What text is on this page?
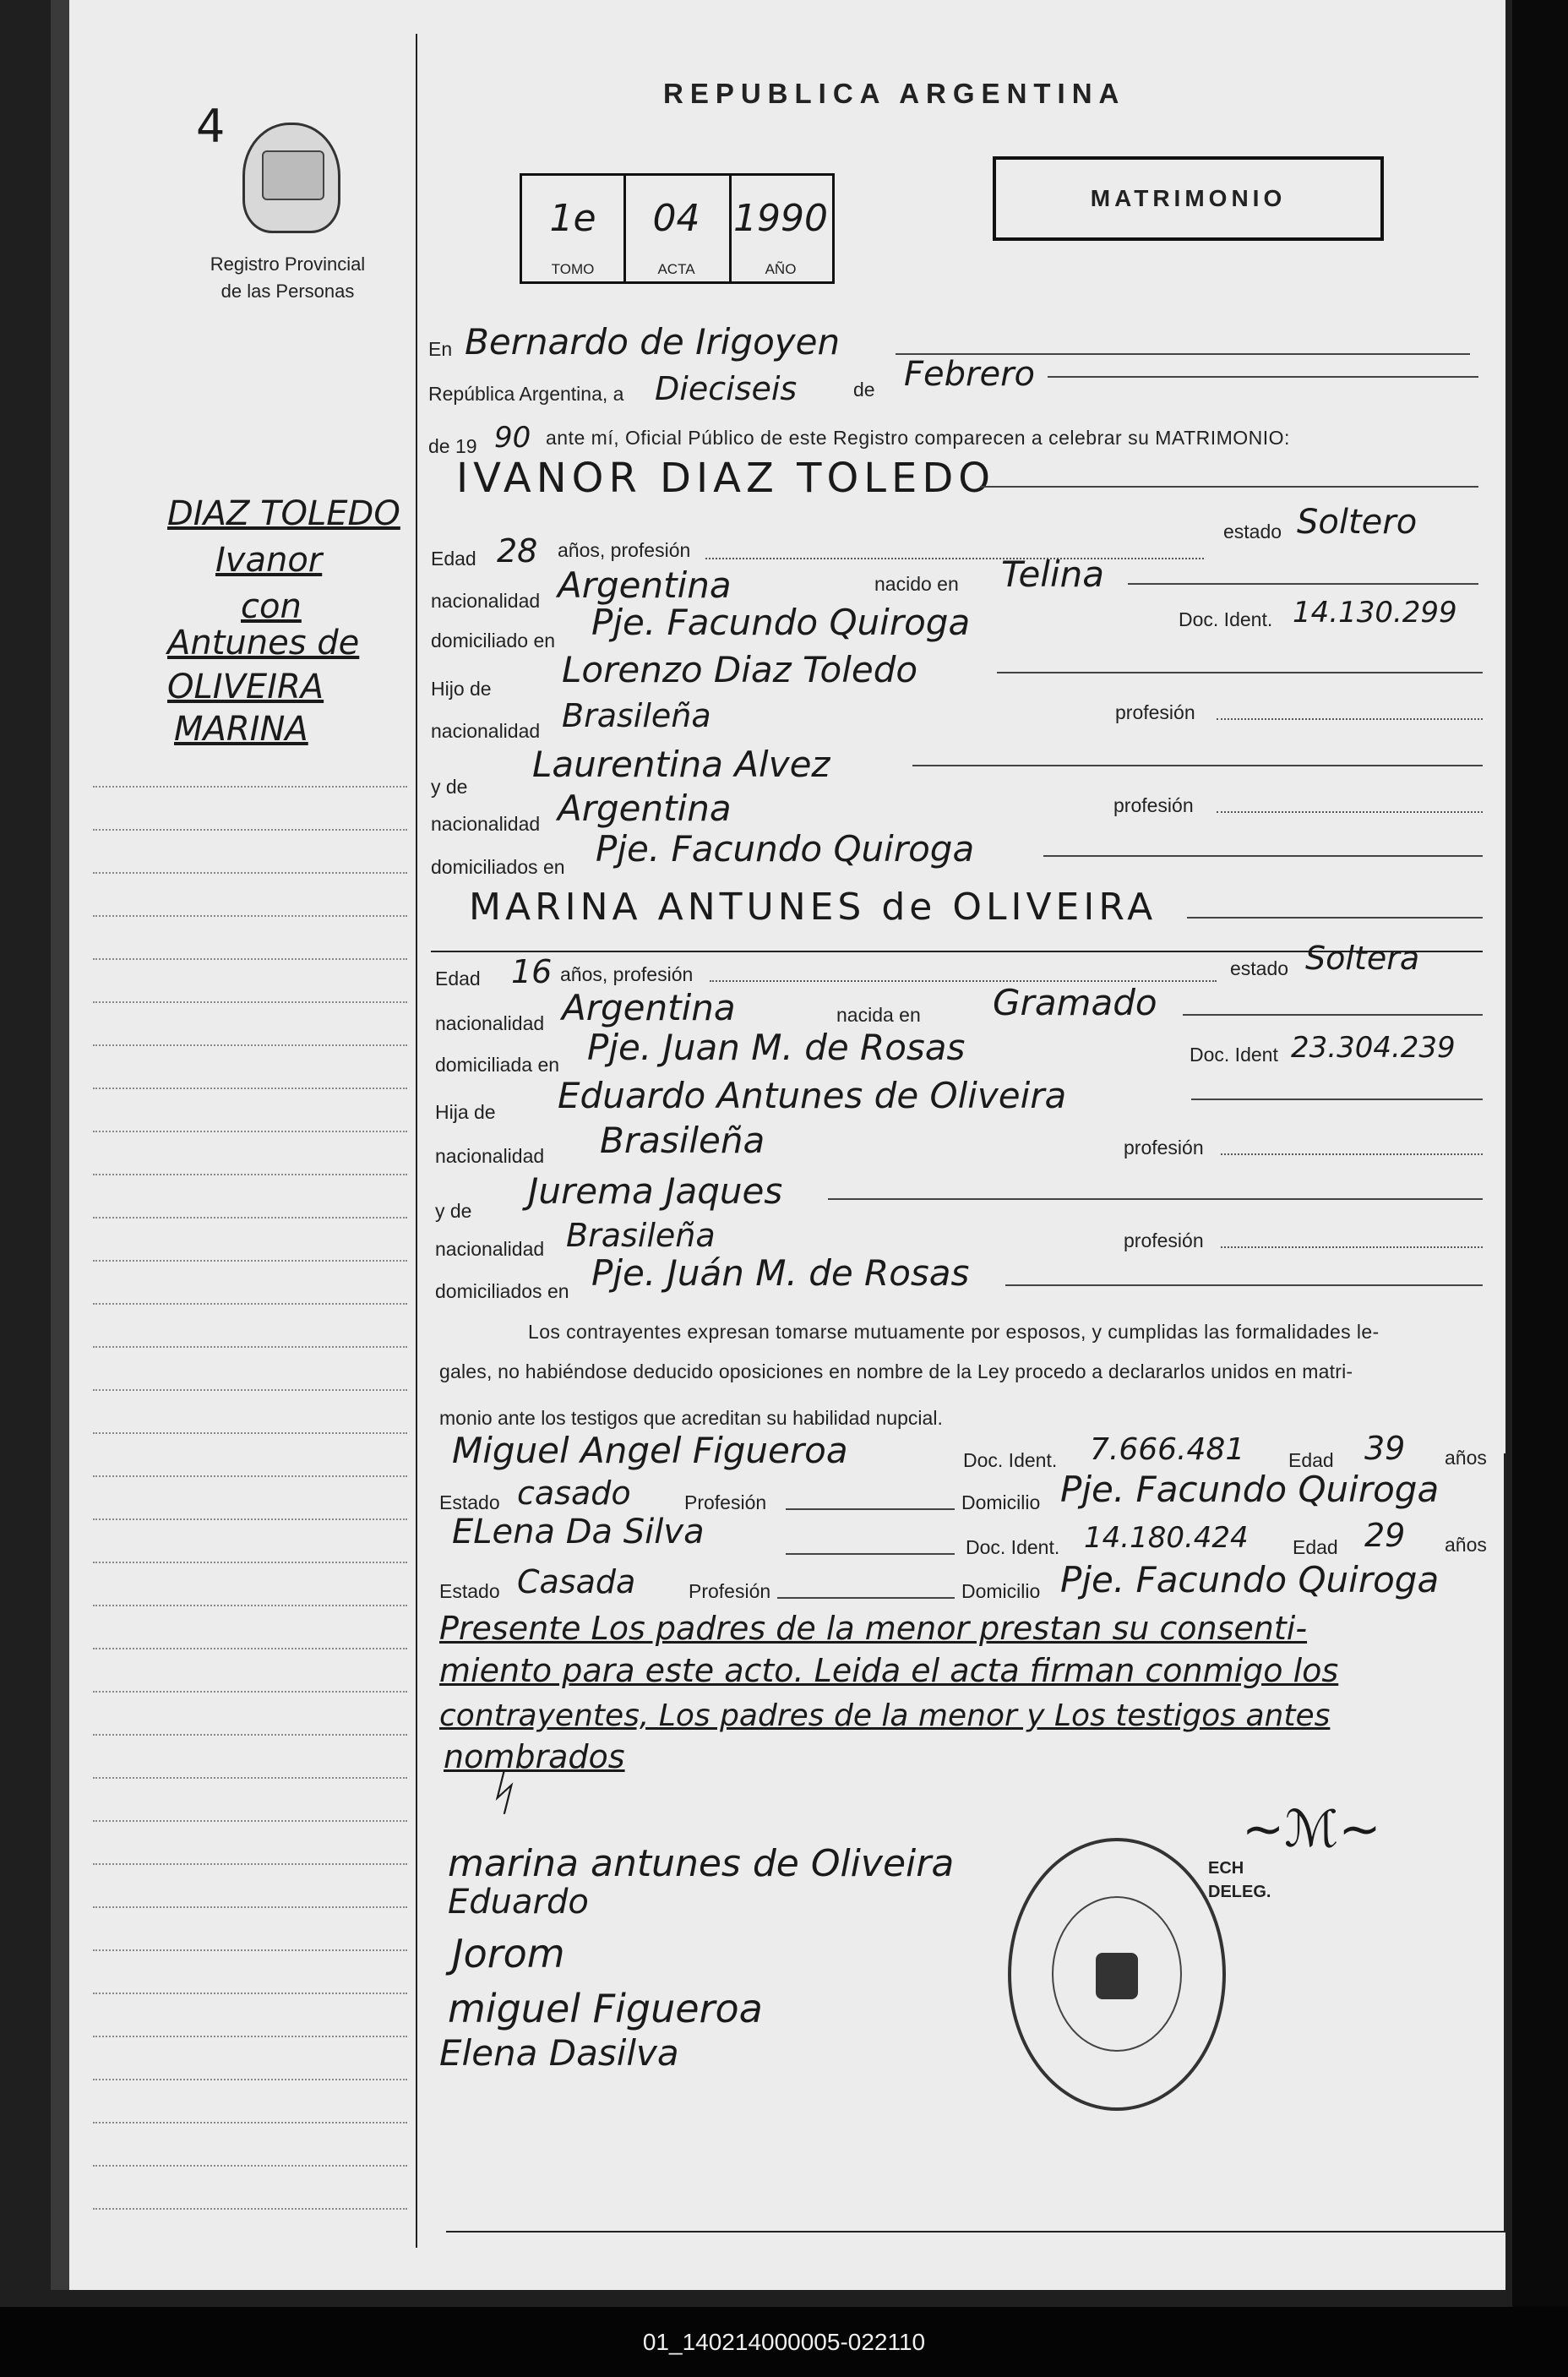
4
Registro Provincial
de las Personas
REPUBLICA ARGENTINA
MATRIMONIO
1e
TOMO
04
ACTA
1990
AÑO
DIAZ TOLEDO
Ivanor
con
Antunes de
OLIVEIRA
MARINA
En Bernardo de Irigoyen
República Argentina, a Dieciseis	de Febrero
de 19 90 ante mí, Oficial Público de este Registro comparecen a celebrar su MATRIMONIO:
IVANOR DIAZ TOLEDO
Edad 28 años, profesión
estado Soltero
nacionalidad Argentina	nacido en Telina
domiciliado en Pje. Facundo Quiroga	Doc. Ident. 14.130.299
Hijo de Lorenzo Diaz Toledo
nacionalidad Brasileña	profesión
y de
Laurentina Alvez
nacionalidad Argentina	profesión
domiciliados en Pje. Facundo Quiroga
MARINA ANTUNES de OLIVEIRA
Edad 16 años, profesión	estado Soltera
nacionalidad Argentina	nacida en Gramado
domiciliada en Pje. Juan M. de Rosas	Doc. Ident 23.304.239
Hija de Eduardo Antunes de Oliveira
nacionalidad Brasileña	profesión
y de Jurema Jaques
nacionalidad Brasileña	profesión
domiciliados en Pje. Juán M. de Rosas
Los contrayentes expresan tomarse mutuamente por esposos, y cumplidas las formalidades le-
gales, no habiéndose deducido oposiciones en nombre de la Ley procedo a declararlos unidos en matri-
monio ante los testigos que acreditan su habilidad nupcial.
Miguel Angel Figueroa	Doc. Ident. 7.666.481 Edad 39 años
Estado casado	Profesión	Domicilio Pje. Facundo Quiroga
ELena Da Silva	Doc. Ident. 14.180.424 Edad 29 años
Estado Casada	Profesión	Domicilio Pje. Facundo Quiroga
Presente Los padres de la menor prestan su consenti-
miento para este acto. Leida el acta firman conmigo los
contrayentes, Los padres de la menor y Los testigos antes
nombrados
ᛋ
~ℳ~
ECH
DELEG.
marina antunes de Oliveira
Eduardo
Jorom
miguel Figueroa
Elena Dasilva
01_140214000005-022110
